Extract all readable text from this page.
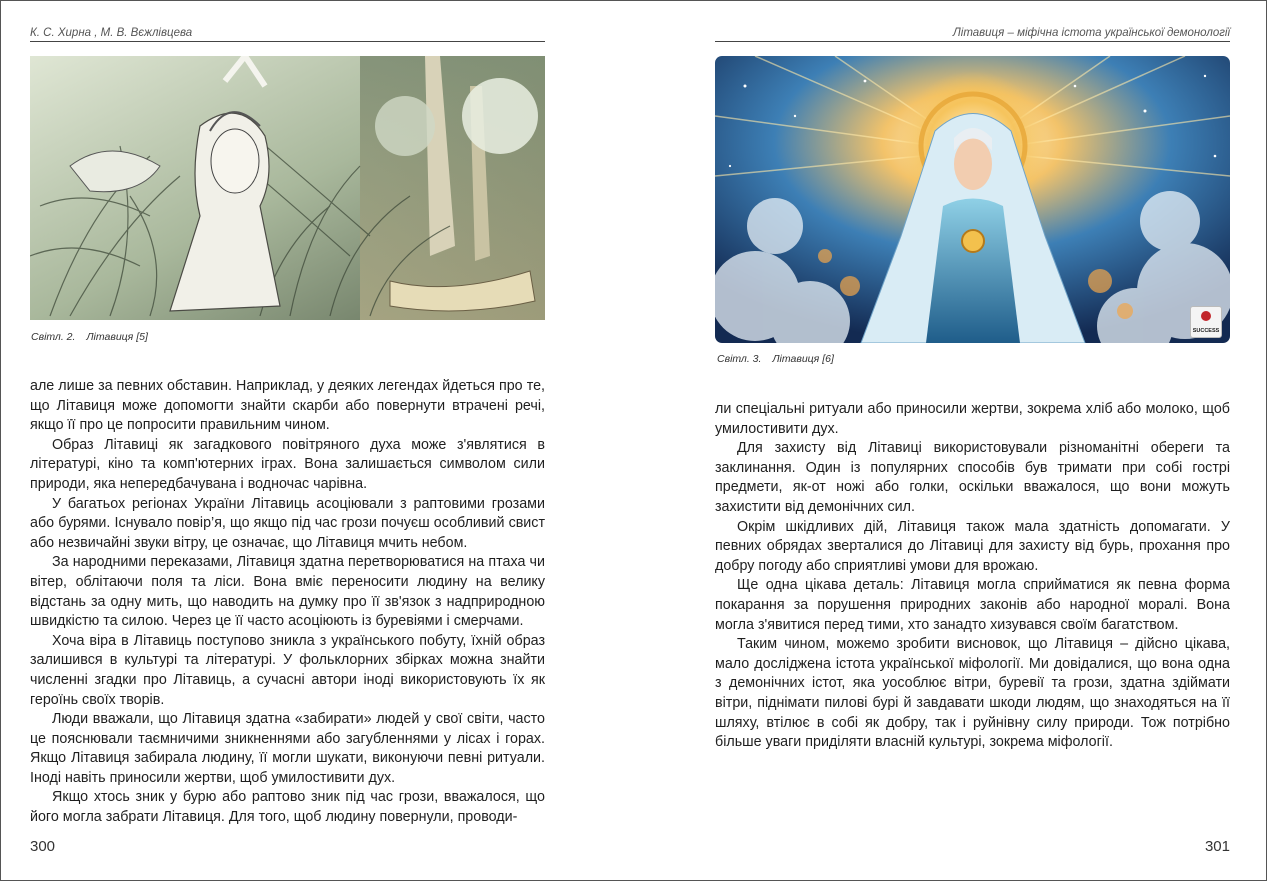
К. С. Хирна , М. В. Вєжлівцева
Світл. 2. Літавиця [5]

але лише за певних обставин. Наприклад, у деяких легендах йдеться про те, що Літавиця може допомогти знайти скарби або повернути втрачені речі, якщо її про це попросити правильним чином.

Образ Літавиці як загадкового повітряного духа може з'являтися в літературі, кіно та комп'ютерних іграх. Вона залишається символом сили природи, яка непередбачувана і водночас чарівна.

У багатьох регіонах України Літавиць асоціювали з раптовими грозами або бурями. Існувало повір’я, що якщо під час грози почуєш особливий свист або незвичайні звуки вітру, це означає, що Літавиця мчить небом.

За народними переказами, Літавиця здатна перетворюватися на птаха чи вітер, облітаючи поля та ліси. Вона вміє переносити людину на велику відстань за одну мить, що наводить на думку про її зв'язок з надприродною швидкістю та силою. Через це її часто асоціюють із буревіями і смерчами.

Хоча віра в Літавиць поступово зникла з українського побуту, їхній образ залишився в культурі та літературі. У фольклорних збірках можна знайти численні згадки про Літавиць, а сучасні автори іноді використовують їх як героїнь своїх творів.

Люди вважали, що Літавиця здатна «забирати» людей у свої світи, часто це пояснювали таємничими зникненнями або загубленнями у лісах і горах. Якщо Літавиця забирала людину, її могли шукати, виконуючи певні ритуали. Іноді навіть приносили жертви, щоб умилостивити дух.

Якщо хтось зник у бурю або раптово зник під час грози, вважалося, що його могла забрати Літавиця. Для того, щоб людину повернули, проводи-

300
Літавиця – міфічна істота української демонології
SUCCESS
Світл. 3. Літавиця [6]

ли спеціальні ритуали або приносили жертви, зокрема хліб або молоко, щоб умилостивити дух.

Для захисту від Літавиці використовували різноманітні обереги та заклинання. Один із популярних способів був тримати при собі гострі предмети, як-от ножі або голки, оскільки вважалося, що вони можуть захистити від демонічних сил.

Окрім шкідливих дій, Літавиця також мала здатність допомагати. У певних обрядах зверталися до Літавиці для захисту від бурь, прохання про добру погоду або сприятливі умови для врожаю.

Ще одна цікава деталь: Літавиця могла сприйматися як певна форма покарання за порушення природних законів або народної моралі. Вона могла з'явитися перед тими, хто занадто хизувався своїм багатством.

Таким чином, можемо зробити висновок, що Літавиця – дійсно цікава, мало досліджена істота української міфології. Ми довідалися, що вона одна з демонічних істот, яка уособлює вітри, буревії та грози, здатна здіймати вітри, піднімати пилові бурі й завдавати шкоди людям, що знаходяться на її шляху, втілює в собі як добру, так і руйнівну силу природи. Тож потрібно більше уваги приділяти власній культурі, зокрема міфології.

301
